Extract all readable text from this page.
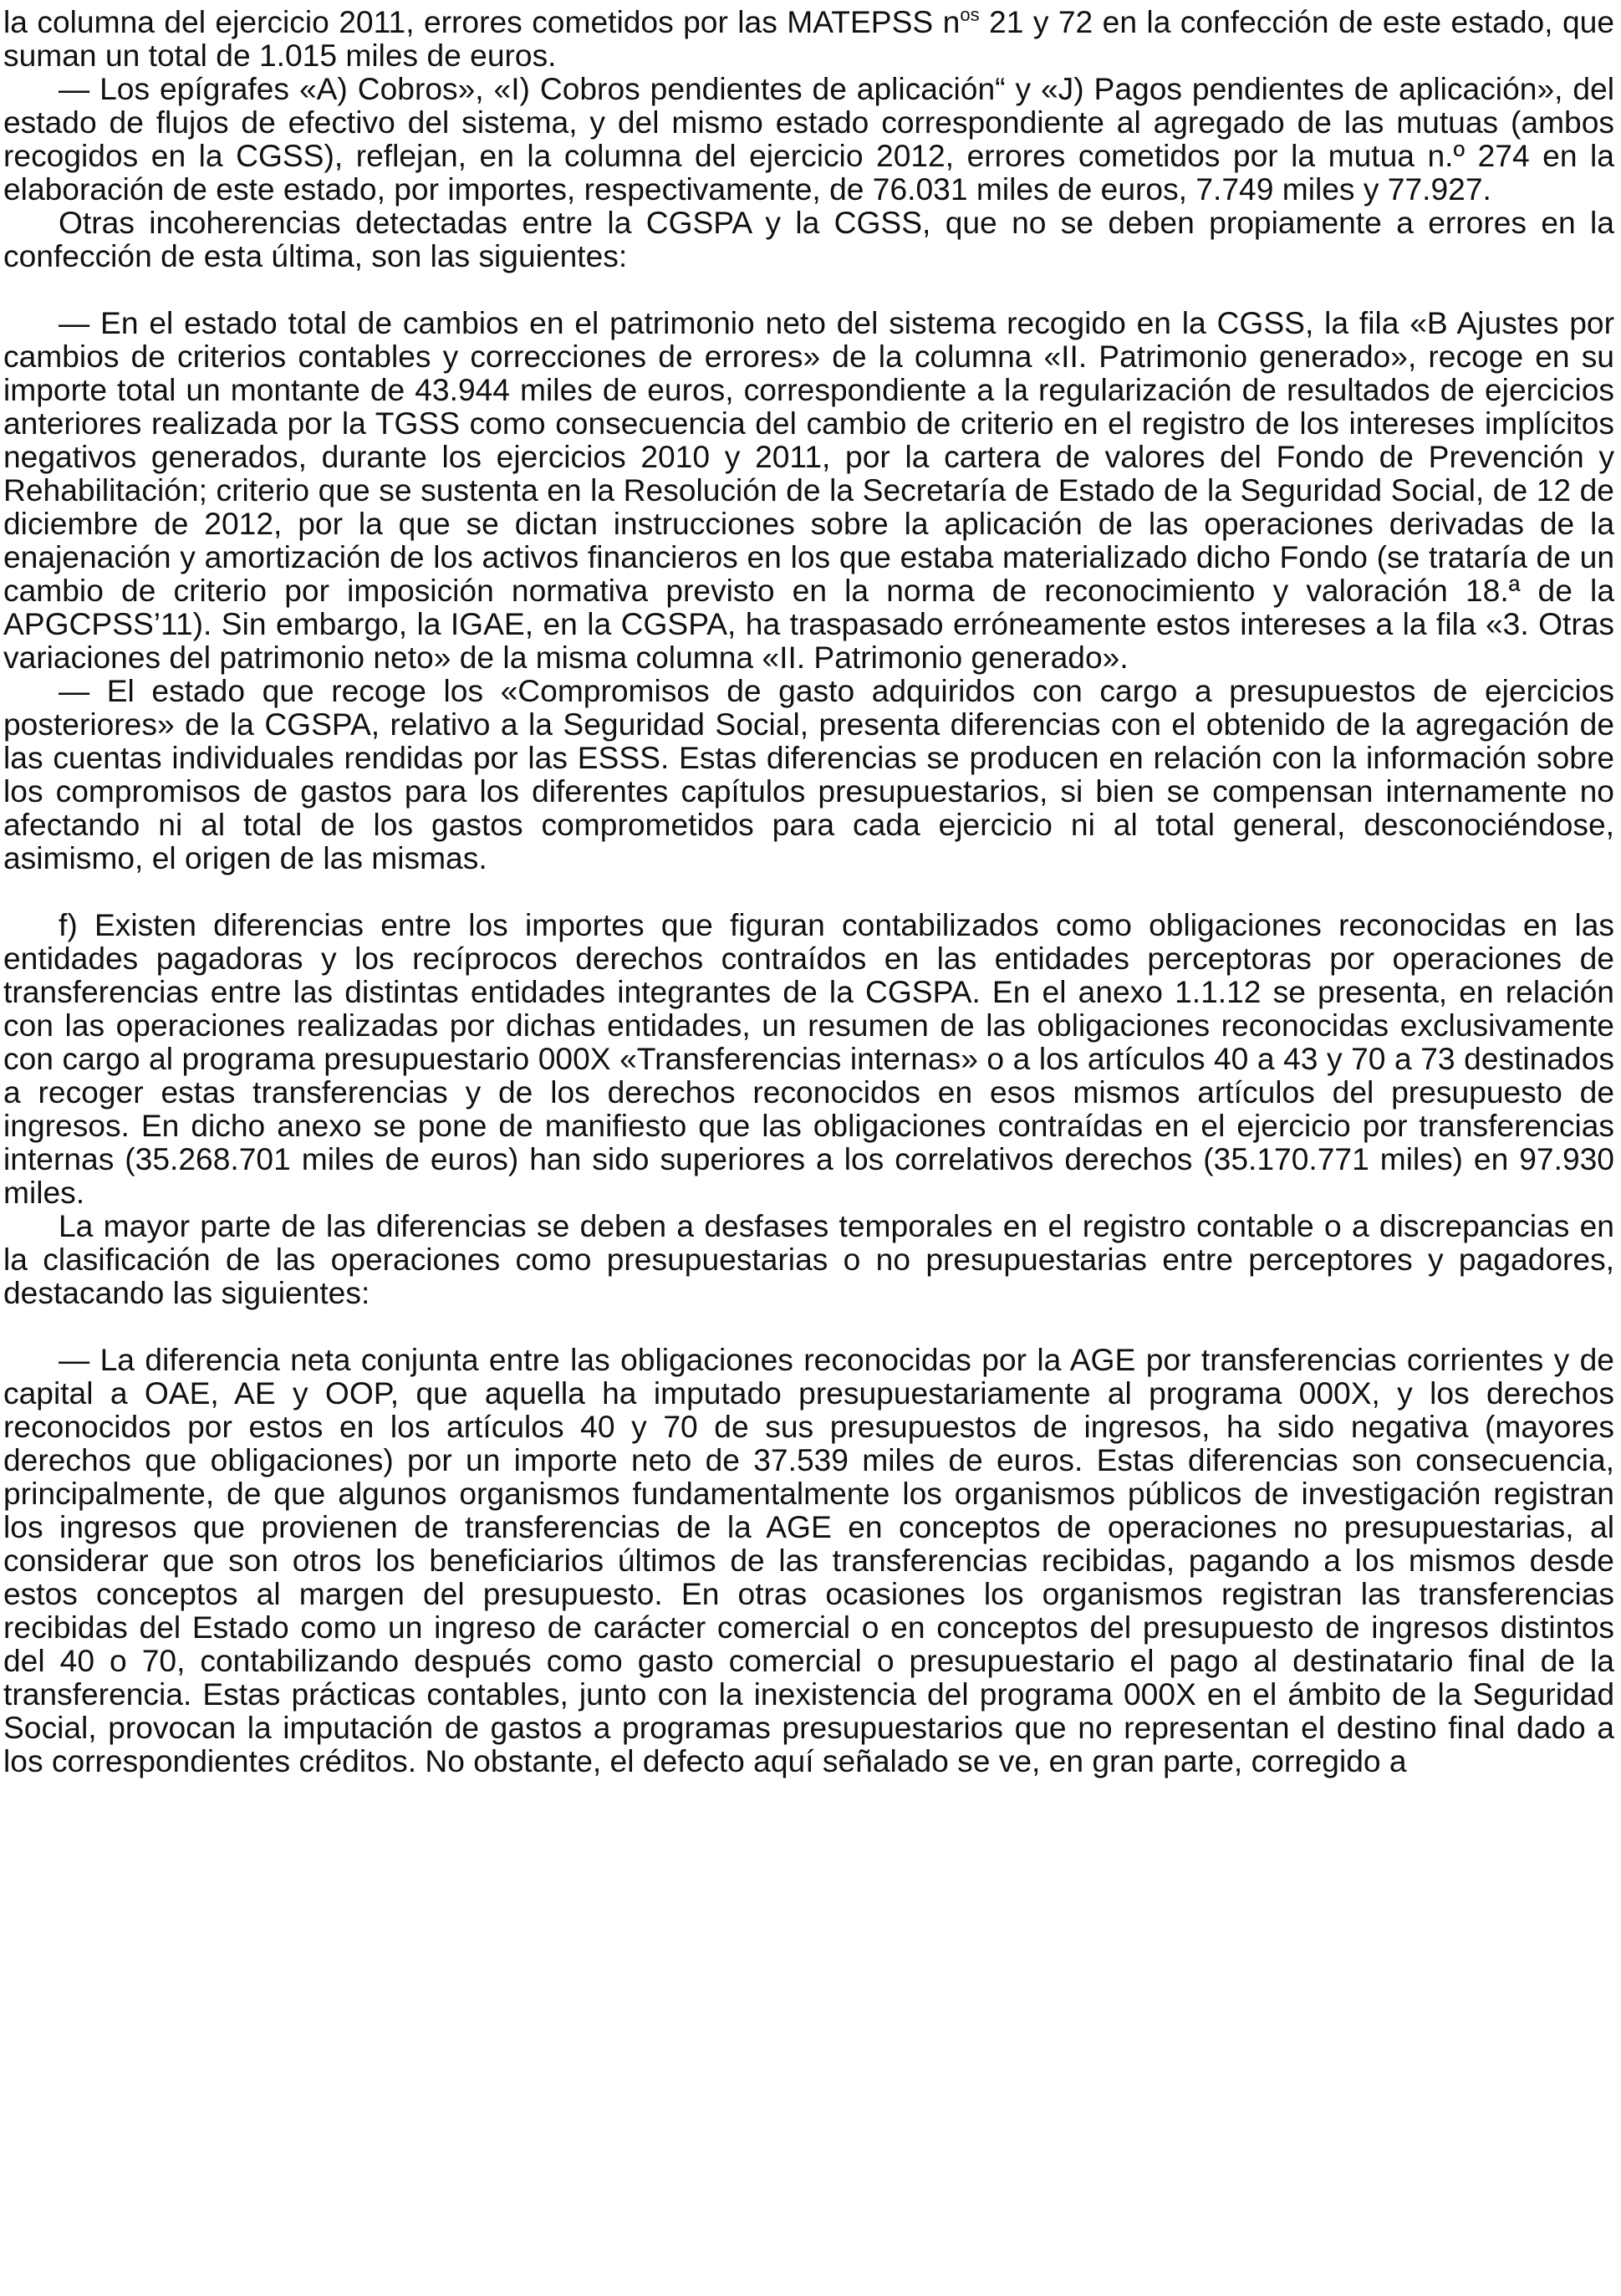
la columna del ejercicio 2011, errores cometidos por las MATEPSS $n^{os}$ 21 y 72 en la confección de este estado, que suman un total de 1.015 miles de euros.

— Los epígrafes «A) Cobros», «I) Cobros pendientes de aplicación“ y «J) Pagos pendientes de aplicación», del estado de flujos de efectivo del sistema, y del mismo estado correspondiente al agregado de las mutuas (ambos recogidos en la CGSS), reflejan, en la columna del ejercicio 2012, errores cometidos por la mutua n.º 274 en la elaboración de este estado, por importes, respectivamente, de 76.031 miles de euros, 7.749 miles y 77.927.

Otras incoherencias detectadas entre la CGSPA y la CGSS, que no se deben propiamente a errores en la confección de esta última, son las siguientes:

— En el estado total de cambios en el patrimonio neto del sistema recogido en la CGSS, la fila «B Ajustes por cambios de criterios contables y correcciones de errores» de la columna «II. Patrimonio generado», recoge en su importe total un montante de 43.944 miles de euros, correspondiente a la regularización de resultados de ejercicios anteriores realizada por la TGSS como consecuencia del cambio de criterio en el registro de los intereses implícitos negativos generados, durante los ejercicios 2010 y 2011, por la cartera de valores del Fondo de Prevención y Rehabilitación; criterio que se sustenta en la Resolución de la Secretaría de Estado de la Seguridad Social, de 12 de diciembre de 2012, por la que se dictan instrucciones sobre la aplicación de las operaciones derivadas de la enajenación y amortización de los activos financieros en los que estaba materializado dicho Fondo (se trataría de un cambio de criterio por imposición normativa previsto en la norma de reconocimiento y valoración 18.ª de la APGCPSS’11). Sin embargo, la IGAE, en la CGSPA, ha traspasado erróneamente estos intereses a la fila «3. Otras variaciones del patrimonio neto» de la misma columna «II. Patrimonio generado».

— El estado que recoge los «Compromisos de gasto adquiridos con cargo a presupuestos de ejercicios posteriores» de la CGSPA, relativo a la Seguridad Social, presenta diferencias con el obtenido de la agregación de las cuentas individuales rendidas por las ESSS. Estas diferencias se producen en relación con la información sobre los compromisos de gastos para los diferentes capítulos presupuestarios, si bien se compensan internamente no afectando ni al total de los gastos comprometidos para cada ejercicio ni al total general, desconociéndose, asimismo, el origen de las mismas.

f) Existen diferencias entre los importes que figuran contabilizados como obligaciones reconocidas en las entidades pagadoras y los recíprocos derechos contraídos en las entidades perceptoras por operaciones de transferencias entre las distintas entidades integrantes de la CGSPA. En el anexo 1.1.12 se presenta, en relación con las operaciones realizadas por dichas entidades, un resumen de las obligaciones reconocidas exclusivamente con cargo al programa presupuestario 000X «Transferencias internas» o a los artículos 40 a 43 y 70 a 73 destinados a recoger estas transferencias y de los derechos reconocidos en esos mismos artículos del presupuesto de ingresos. En dicho anexo se pone de manifiesto que las obligaciones contraídas en el ejercicio por transferencias internas (35.268.701 miles de euros) han sido superiores a los correlativos derechos (35.170.771 miles) en 97.930 miles.

La mayor parte de las diferencias se deben a desfases temporales en el registro contable o a discrepancias en la clasificación de las operaciones como presupuestarias o no presupuestarias entre perceptores y pagadores, destacando las siguientes:

— La diferencia neta conjunta entre las obligaciones reconocidas por la AGE por transferencias corrientes y de capital a OAE, AE y OOP, que aquella ha imputado presupuestariamente al programa 000X, y los derechos reconocidos por estos en los artículos 40 y 70 de sus presupuestos de ingresos, ha sido negativa (mayores derechos que obligaciones) por un importe neto de 37.539 miles de euros. Estas diferencias son consecuencia, principalmente, de que algunos organismos fundamentalmente los organismos públicos de investigación registran los ingresos que provienen de transferencias de la AGE en conceptos de operaciones no presupuestarias, al considerar que son otros los beneficiarios últimos de las transferencias recibidas, pagando a los mismos desde estos conceptos al margen del presupuesto. En otras ocasiones los organismos registran las transferencias recibidas del Estado como un ingreso de carácter comercial o en conceptos del presupuesto de ingresos distintos del 40 o 70, contabilizando después como gasto comercial o presupuestario el pago al destinatario final de la transferencia. Estas prácticas contables, junto con la inexistencia del programa 000X en el ámbito de la Seguridad Social, provocan la imputación de gastos a programas presupuestarios que no representan el destino final dado a los correspondientes créditos. No obstante, el defecto aquí señalado se ve, en gran parte, corregido a
